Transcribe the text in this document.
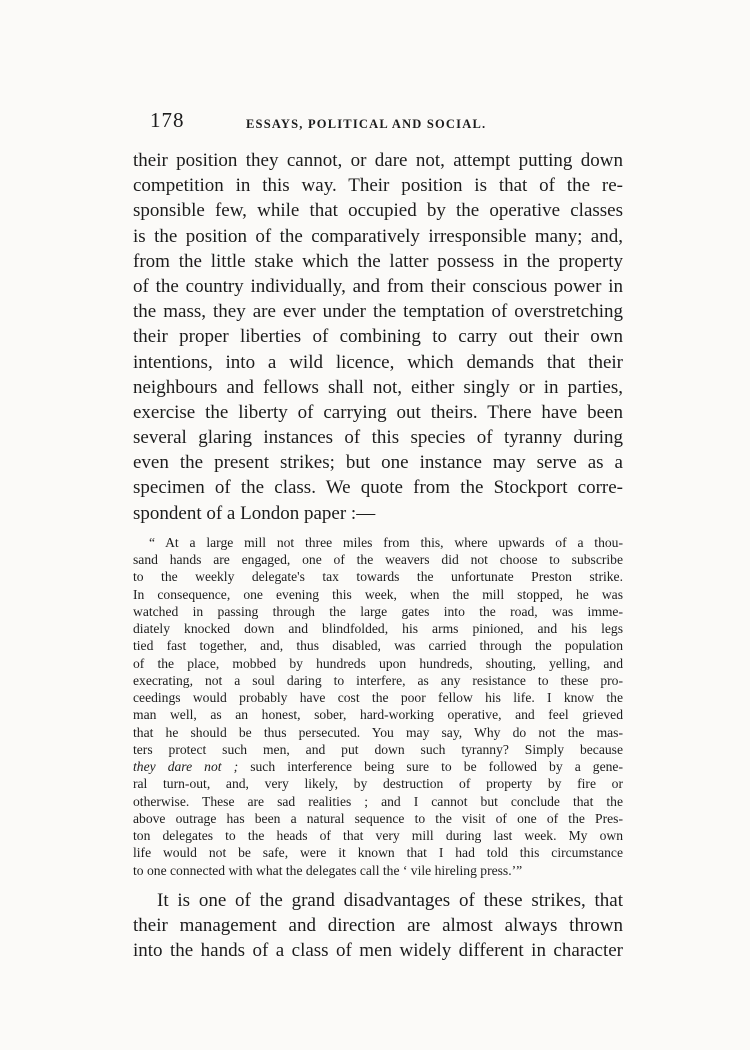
178	ESSAYS, POLITICAL AND SOCIAL.
their position they cannot, or dare not, attempt putting down
competition in this way. Their position is that of the re-
sponsible few, while that occupied by the operative classes
is the position of the comparatively irresponsible many; and,
from the little stake which the latter possess in the property
of the country individually, and from their conscious power in
the mass, they are ever under the temptation of overstretching
their proper liberties of combining to carry out their own
intentions, into a wild licence, which demands that their
neighbours and fellows shall not, either singly or in parties,
exercise the liberty of carrying out theirs. There have been
several glaring instances of this species of tyranny during
even the present strikes; but one instance may serve as a
specimen of the class. We quote from the Stockport corre-
spondent of a London paper :—
“ At a large mill not three miles from this, where upwards of a thou-
sand hands are engaged, one of the weavers did not choose to subscribe
to the weekly delegate's tax towards the unfortunate Preston strike.
In consequence, one evening this week, when the mill stopped, he was
watched in passing through the large gates into the road, was imme-
diately knocked down and blindfolded, his arms pinioned, and his legs
tied fast together, and, thus disabled, was carried through the population
of the place, mobbed by hundreds upon hundreds, shouting, yelling, and
execrating, not a soul daring to interfere, as any resistance to these pro-
ceedings would probably have cost the poor fellow his life. I know the
man well, as an honest, sober, hard-working operative, and feel grieved
that he should be thus persecuted. You may say, Why do not the mas-
ters protect such men, and put down such tyranny? Simply because
they dare not ; such interference being sure to be followed by a gene-
ral turn-out, and, very likely, by destruction of property by fire or
otherwise. These are sad realities ; and I cannot but conclude that the
above outrage has been a natural sequence to the visit of one of the Pres-
ton delegates to the heads of that very mill during last week. My own
life would not be safe, were it known that I had told this circumstance
to one connected with what the delegates call the ‘ vile hireling press.’”
It is one of the grand disadvantages of these strikes, that
their management and direction are almost always thrown
into the hands of a class of men widely different in character
